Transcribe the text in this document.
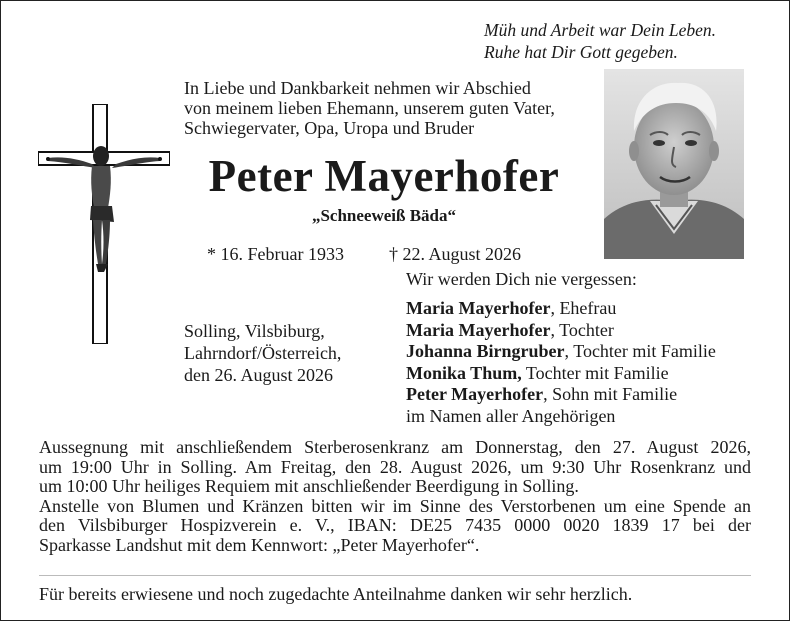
Müh und Arbeit war Dein Leben.
Ruhe hat Dir Gott gegeben.
In Liebe und Dankbarkeit nehmen wir Abschied
von meinem lieben Ehemann, unserem guten Vater,
Schwiegervater, Opa, Uropa und Bruder
Peter Mayerhofer
„Schneeweiß Bäda“
* 16. Februar 1933	† 22. August 2026
Wir werden Dich nie vergessen:
Solling, Vilsbiburg,
Lahrndorf/Österreich,
den 26. August 2026
Maria Mayerhofer, Ehefrau
Maria Mayerhofer, Tochter
Johanna Birngruber, Tochter mit Familie
Monika Thum, Tochter mit Familie
Peter Mayerhofer, Sohn mit Familie
im Namen aller Angehörigen
Aussegnung mit anschließendem Sterberosenkranz am Donnerstag, den 27. August 2026,
um 19:00 Uhr in Solling. Am Freitag, den 28. August 2026, um 9:30 Uhr Rosenkranz und
um 10:00 Uhr heiliges Requiem mit anschließender Beerdigung in Solling.
Anstelle von Blumen und Kränzen bitten wir im Sinne des Verstorbenen um eine Spende an
den Vilsbiburger Hospizverein e. V., IBAN: DE25 7435 0000 0020 1839 17 bei der
Sparkasse Landshut mit dem Kennwort: „Peter Mayerhofer“.
Für bereits erwiesene und noch zugedachte Anteilnahme danken wir sehr herzlich.
